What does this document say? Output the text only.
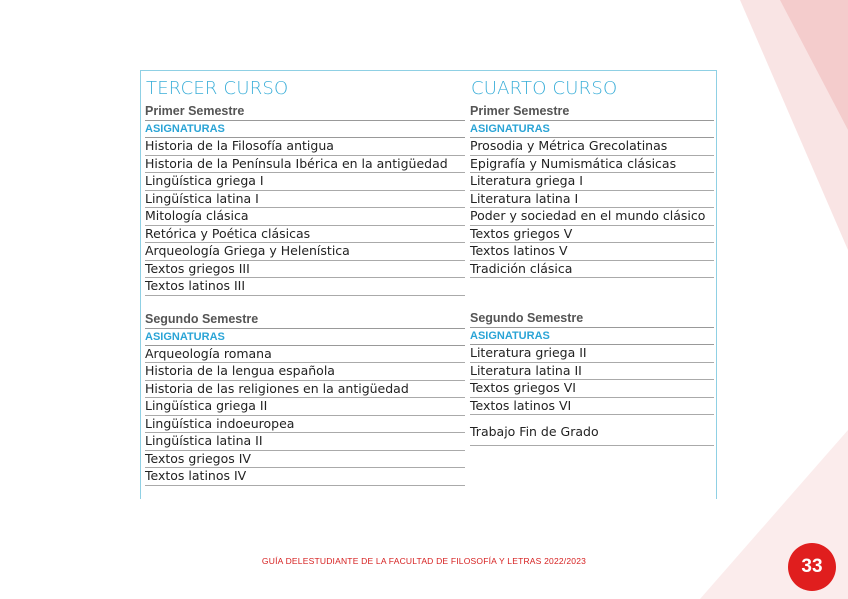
TERCER CURSO
Primer Semestre
ASIGNATURAS
Historia de la Filosofía antigua
Historia de la Península Ibérica en la antigüedad
Lingüística griega I
Lingüística latina I
Mitología clásica
Retórica y Poética clásicas
Arqueología Griega y Helenística
Textos griegos III
Textos latinos III
Segundo Semestre
ASIGNATURAS
Arqueología romana
Historia de la lengua española
Historia de las religiones en la antigüedad
Lingüística griega II
Lingüística indoeuropea
Lingüística latina II
Textos griegos IV
Textos latinos IV
CUARTO CURSO
Primer Semestre
ASIGNATURAS
Prosodia y Métrica Grecolatinas
Epigrafía y Numismática clásicas
Literatura griega I
Literatura latina I
Poder y sociedad en el mundo clásico
Textos griegos V
Textos latinos V
Tradición clásica
Segundo Semestre
ASIGNATURAS
Literatura griega II
Literatura latina II
Textos griegos VI
Textos latinos VI
Trabajo Fin de Grado
GUÍA DELESTUDIANTE DE LA FACULTAD DE FILOSOFÍA Y LETRAS 2022/2023	33
